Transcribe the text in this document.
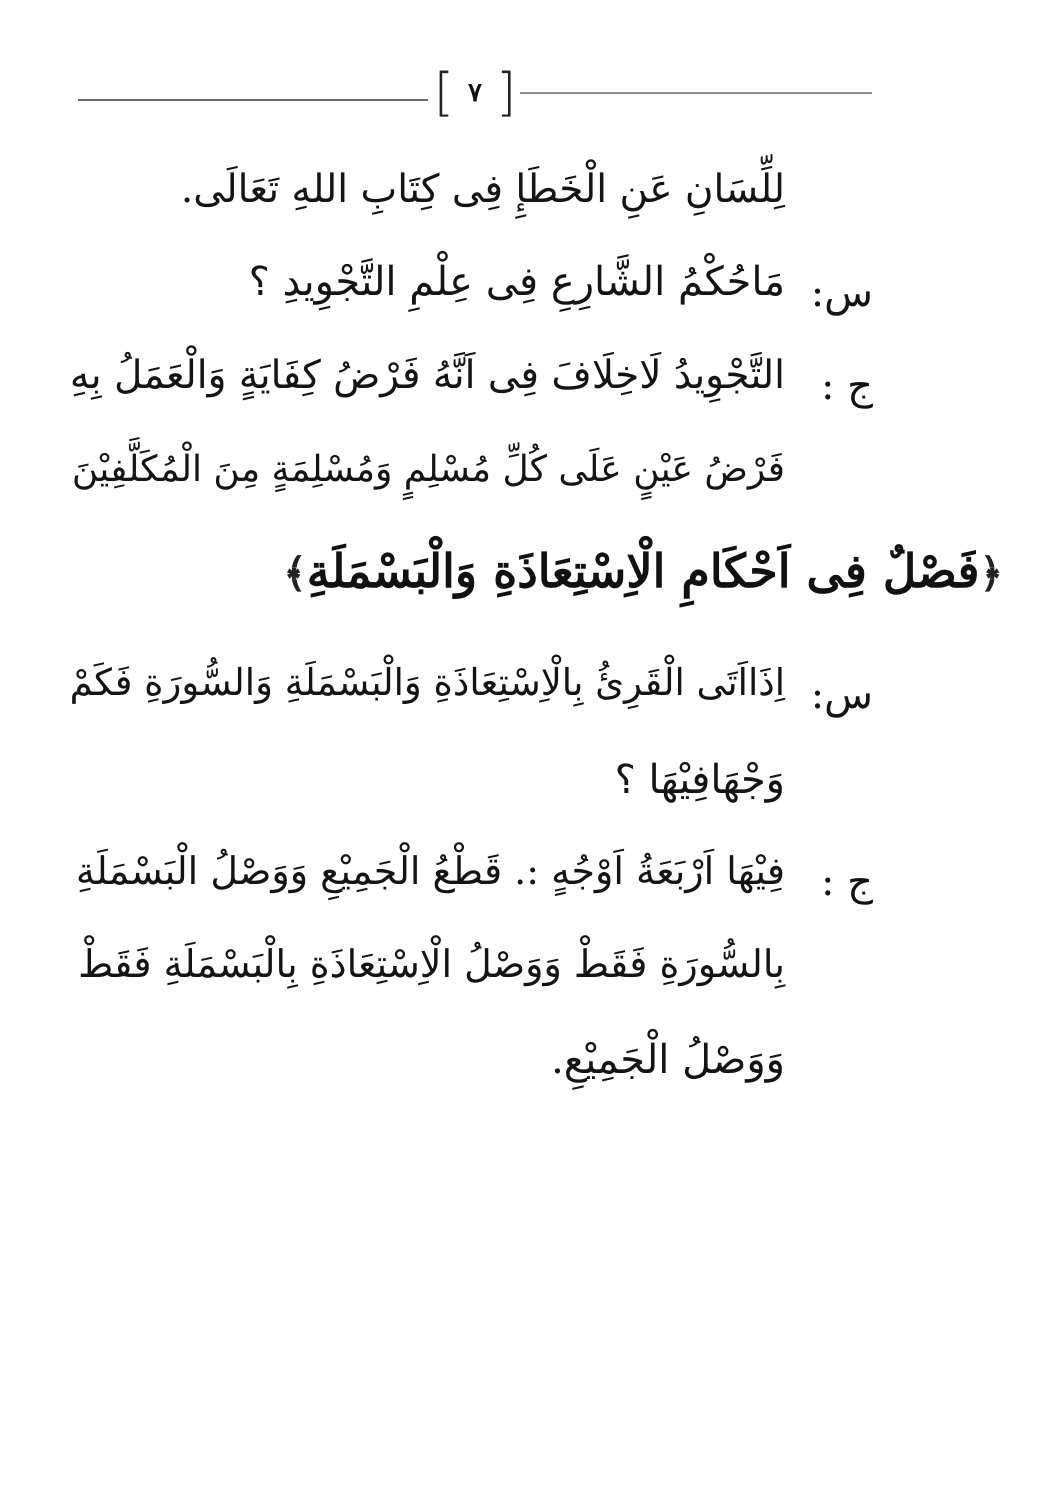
[ ٧ ]
لِلِّسَانِ عَنِ الْخَطَإِ فِى كِتَابِ اللهِ تَعَالَى.
س:
مَاحُكْمُ الشَّارِعِ فِى عِلْمِ التَّجْوِيدِ ؟
ج :
التَّجْوِيدُ لَاخِلَافَ فِى اَنَّهُ فَرْضُ كِفَايَةٍ وَالْعَمَلُ بِهِ
فَرْضُ عَيْنٍ عَلَى كُلِّ مُسْلِمٍ وَمُسْلِمَةٍ مِنَ الْمُكَلَّفِيْنَ
﴿فَصْلٌ فِى اَحْكَامِ الْاِسْتِعَاذَةِ وَالْبَسْمَلَةِ﴾
س:
اِذَااَتَى الْقَرِئُ بِالْاِسْتِعَاذَةِ وَالْبَسْمَلَةِ وَالسُّورَةِ فَكَمْ
وَجْهَافِيْهَا ؟
ج :
فِيْهَا اَرْبَعَةُ اَوْجُهٍ :. قَطْعُ الْجَمِيْعِ وَوَصْلُ الْبَسْمَلَةِ
بِالسُّورَةِ فَقَطْ وَوَصْلُ الْاِسْتِعَاذَةِ بِالْبَسْمَلَةِ فَقَطْ
وَوَصْلُ الْجَمِيْعِ.
